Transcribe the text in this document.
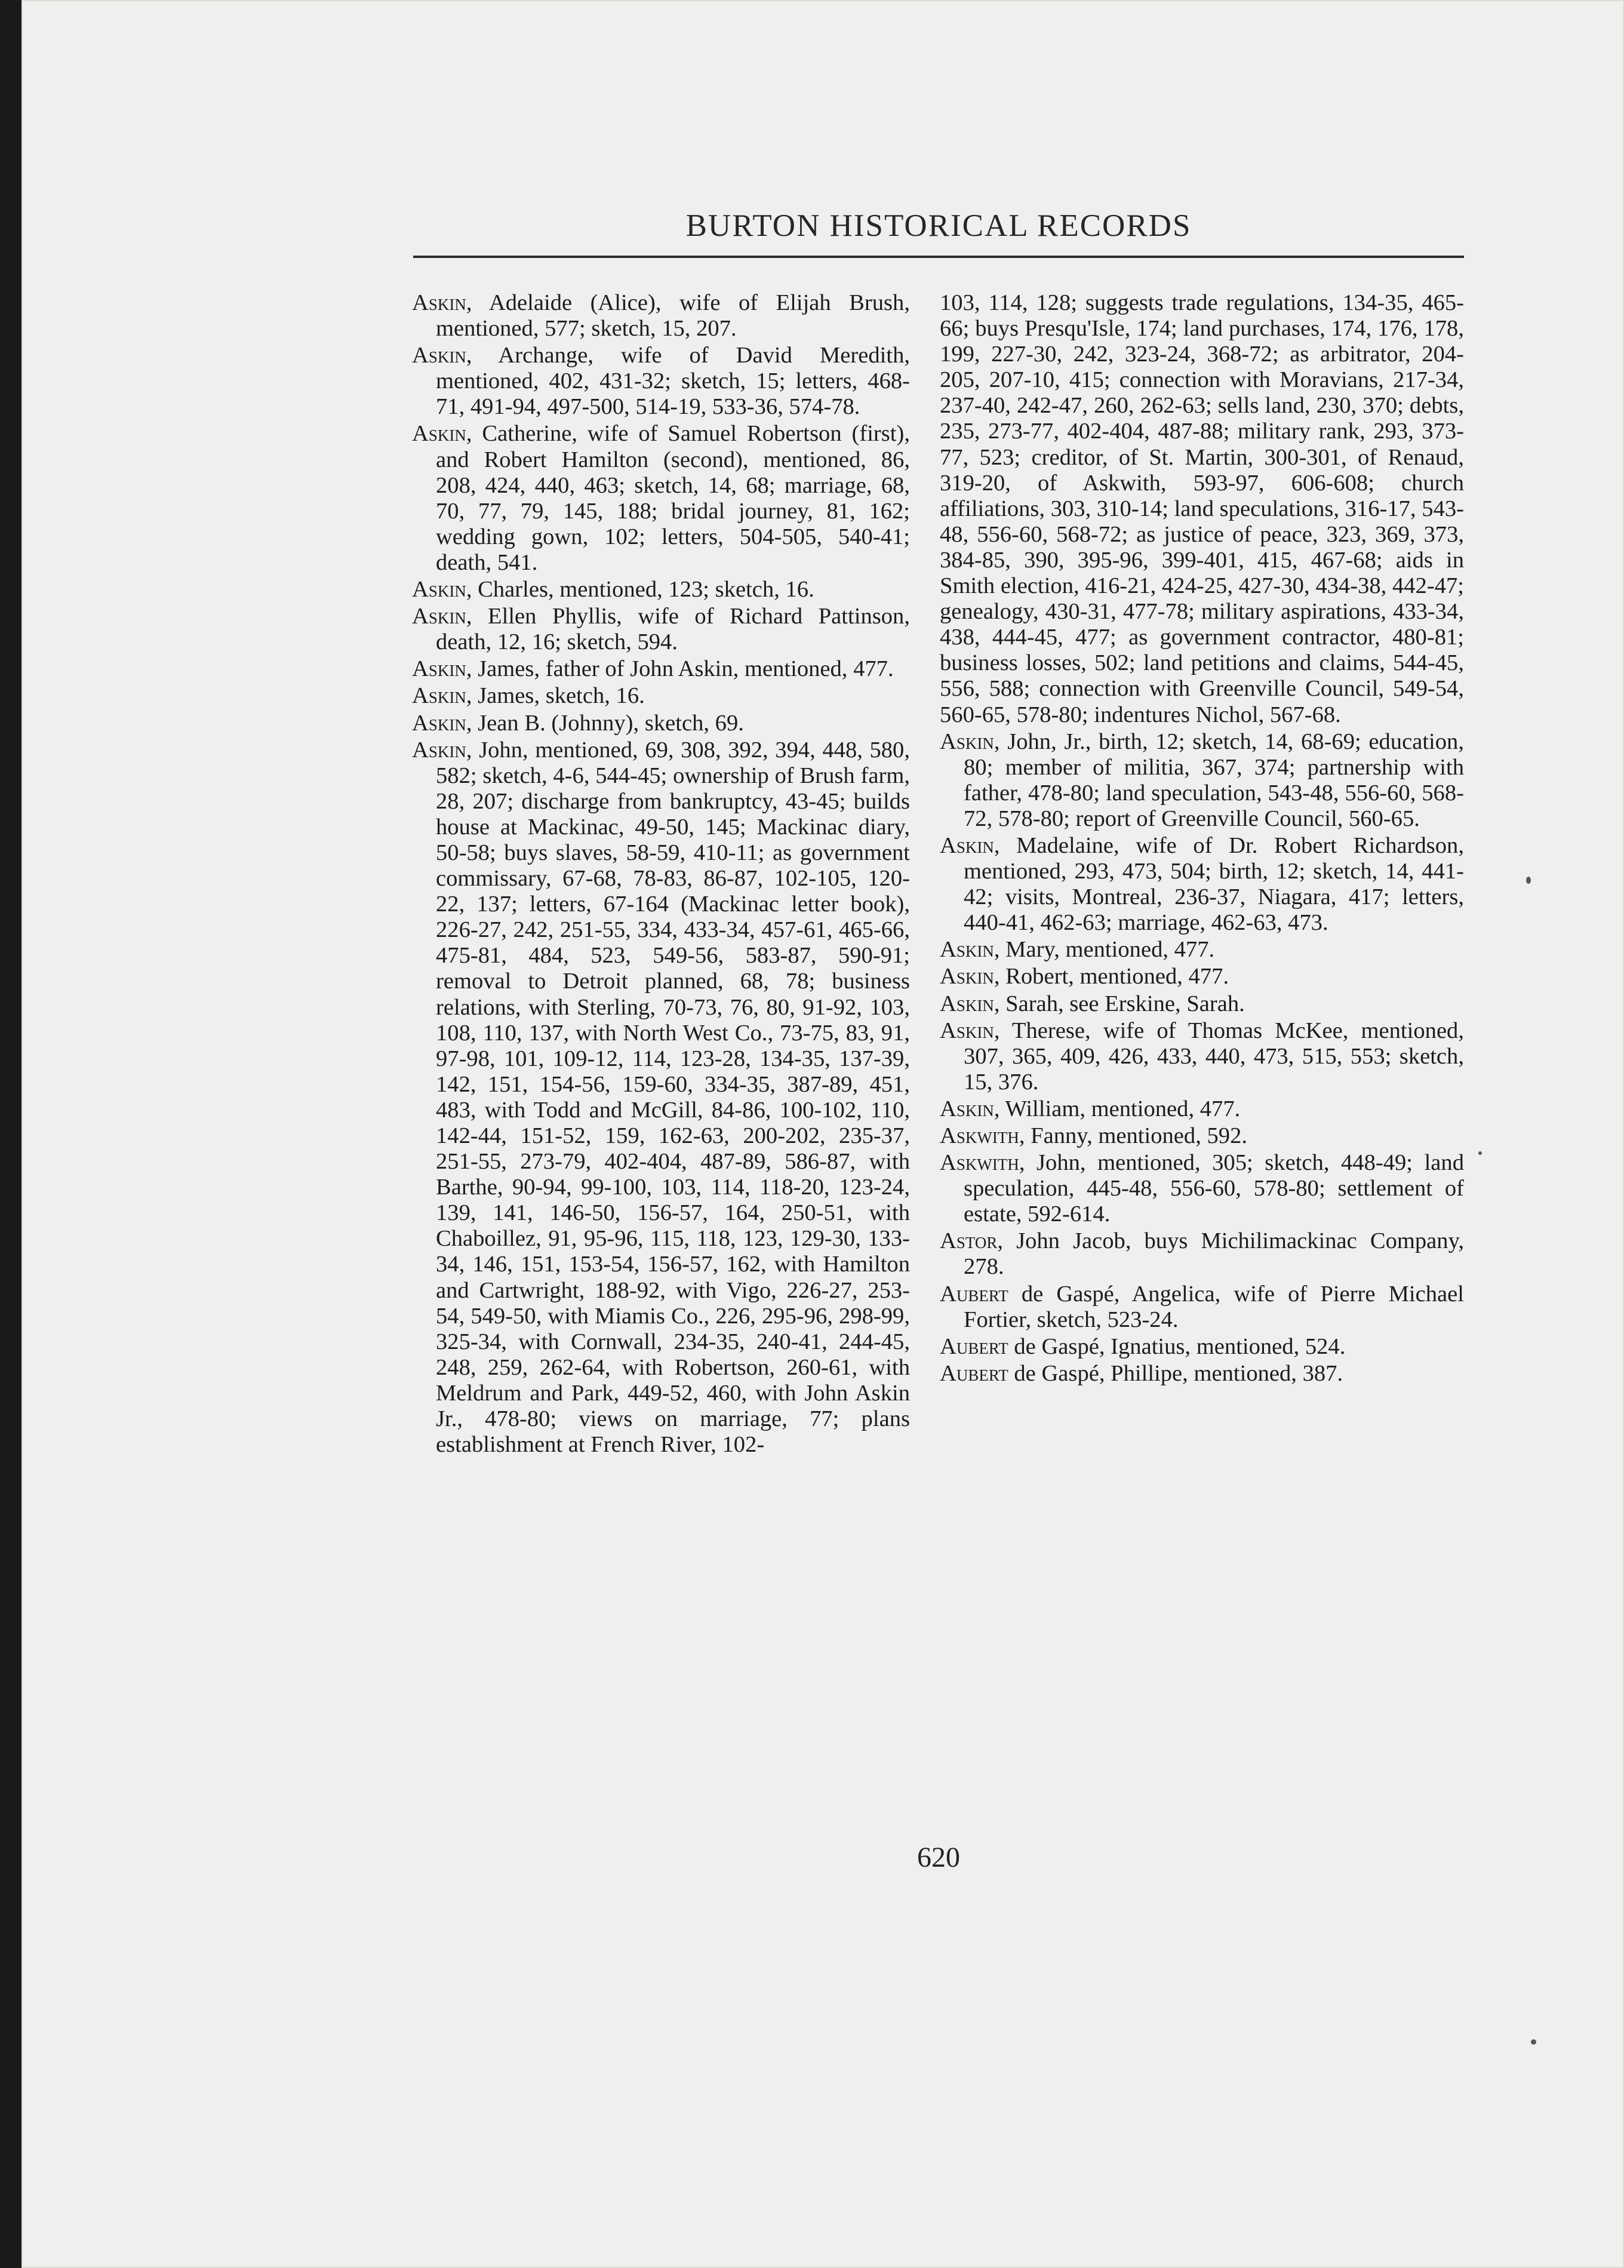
BURTON HISTORICAL RECORDS
Askin, Adelaide (Alice), wife of Elijah Brush, mentioned, 577; sketch, 15, 207.
Askin, Archange, wife of David Meredith, mentioned, 402, 431-32; sketch, 15; letters, 468-71, 491-94, 497-500, 514-19, 533-36, 574-78.
Askin, Catherine, wife of Samuel Robertson (first), and Robert Hamilton (second), mentioned, 86, 208, 424, 440, 463; sketch, 14, 68; marriage, 68, 70, 77, 79, 145, 188; bridal journey, 81, 162; wedding gown, 102; letters, 504-505, 540-41; death, 541.
Askin, Charles, mentioned, 123; sketch, 16.
Askin, Ellen Phyllis, wife of Richard Pattinson, death, 12, 16; sketch, 594.
Askin, James, father of John Askin, mentioned, 477.
Askin, James, sketch, 16.
Askin, Jean B. (Johnny), sketch, 69.
Askin, John, mentioned, 69, 308, 392, 394, 448, 580, 582; sketch, 4-6, 544-45; ownership of Brush farm, 28, 207; discharge from bankruptcy, 43-45; builds house at Mackinac, 49-50, 145; Mackinac diary, 50-58; buys slaves, 58-59, 410-11; as government commissary, 67-68, 78-83, 86-87, 102-105, 120-22, 137; letters, 67-164 (Mackinac letter book), 226-27, 242, 251-55, 334, 433-34, 457-61, 465-66, 475-81, 484, 523, 549-56, 583-87, 590-91; removal to Detroit planned, 68, 78; business relations, with Sterling, 70-73, 76, 80, 91-92, 103, 108, 110, 137, with North West Co., 73-75, 83, 91, 97-98, 101, 109-12, 114, 123-28, 134-35, 137-39, 142, 151, 154-56, 159-60, 334-35, 387-89, 451, 483, with Todd and McGill, 84-86, 100-102, 110, 142-44, 151-52, 159, 162-63, 200-202, 235-37, 251-55, 273-79, 402-404, 487-89, 586-87, with Barthe, 90-94, 99-100, 103, 114, 118-20, 123-24, 139, 141, 146-50, 156-57, 164, 250-51, with Chaboillez, 91, 95-96, 115, 118, 123, 129-30, 133-34, 146, 151, 153-54, 156-57, 162, with Hamilton and Cartwright, 188-92, with Vigo, 226-27, 253-54, 549-50, with Miamis Co., 226, 295-96, 298-99, 325-34, with Cornwall, 234-35, 240-41, 244-45, 248, 259, 262-64, with Robertson, 260-61, with Meldrum and Park, 449-52, 460, with John Askin Jr., 478-80; views on marriage, 77; plans establishment at French River, 102-
103, 114, 128; suggests trade regulations, 134-35, 465-66; buys Presqu'Isle, 174; land purchases, 174, 176, 178, 199, 227-30, 242, 323-24, 368-72; as arbitrator, 204-205, 207-10, 415; connection with Moravians, 217-34, 237-40, 242-47, 260, 262-63; sells land, 230, 370; debts, 235, 273-77, 402-404, 487-88; military rank, 293, 373-77, 523; creditor, of St. Martin, 300-301, of Renaud, 319-20, of Askwith, 593-97, 606-608; church affiliations, 303, 310-14; land speculations, 316-17, 543-48, 556-60, 568-72; as justice of peace, 323, 369, 373, 384-85, 390, 395-96, 399-401, 415, 467-68; aids in Smith election, 416-21, 424-25, 427-30, 434-38, 442-47; genealogy, 430-31, 477-78; military aspirations, 433-34, 438, 444-45, 477; as government contractor, 480-81; business losses, 502; land petitions and claims, 544-45, 556, 588; connection with Greenville Council, 549-54, 560-65, 578-80; indentures Nichol, 567-68.
Askin, John, Jr., birth, 12; sketch, 14, 68-69; education, 80; member of militia, 367, 374; partnership with father, 478-80; land speculation, 543-48, 556-60, 568-72, 578-80; report of Greenville Council, 560-65.
Askin, Madelaine, wife of Dr. Robert Richardson, mentioned, 293, 473, 504; birth, 12; sketch, 14, 441-42; visits, Montreal, 236-37, Niagara, 417; letters, 440-41, 462-63; marriage, 462-63, 473.
Askin, Mary, mentioned, 477.
Askin, Robert, mentioned, 477.
Askin, Sarah, see Erskine, Sarah.
Askin, Therese, wife of Thomas McKee, mentioned, 307, 365, 409, 426, 433, 440, 473, 515, 553; sketch, 15, 376.
Askin, William, mentioned, 477.
Askwith, Fanny, mentioned, 592.
Askwith, John, mentioned, 305; sketch, 448-49; land speculation, 445-48, 556-60, 578-80; settlement of estate, 592-614.
Astor, John Jacob, buys Michilimackinac Company, 278.
Aubert de Gaspé, Angelica, wife of Pierre Michael Fortier, sketch, 523-24.
Aubert de Gaspé, Ignatius, mentioned, 524.
Aubert de Gaspé, Phillipe, mentioned, 387.
620
